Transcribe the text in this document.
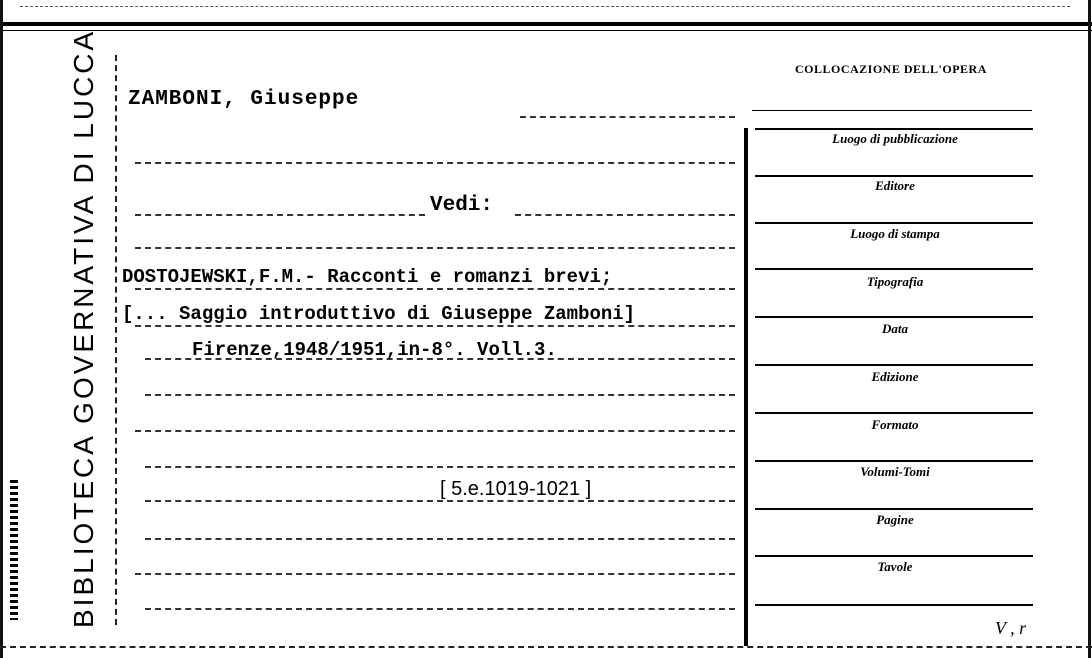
BIBLIOTECA GOVERNATIVA DI LUCCA ZAMBONI, Giuseppe
Vedi:
DOSTOJEWSKI,F.M.- Racconti e romanzi brevi;
[... Saggio introduttivo di Giuseppe Zamboni]
Firenze,1948/1951,in-8°. Voll.3.
[ 5.e.1019-1021 ]
COLLOCAZIONE DELL'OPERA
Luogo di pubblicazione
Editore
Luogo di stampa
Tipografia
Data
Edizione
Formato
Volumi-Tomi
Pagine
Tavole
V , r
